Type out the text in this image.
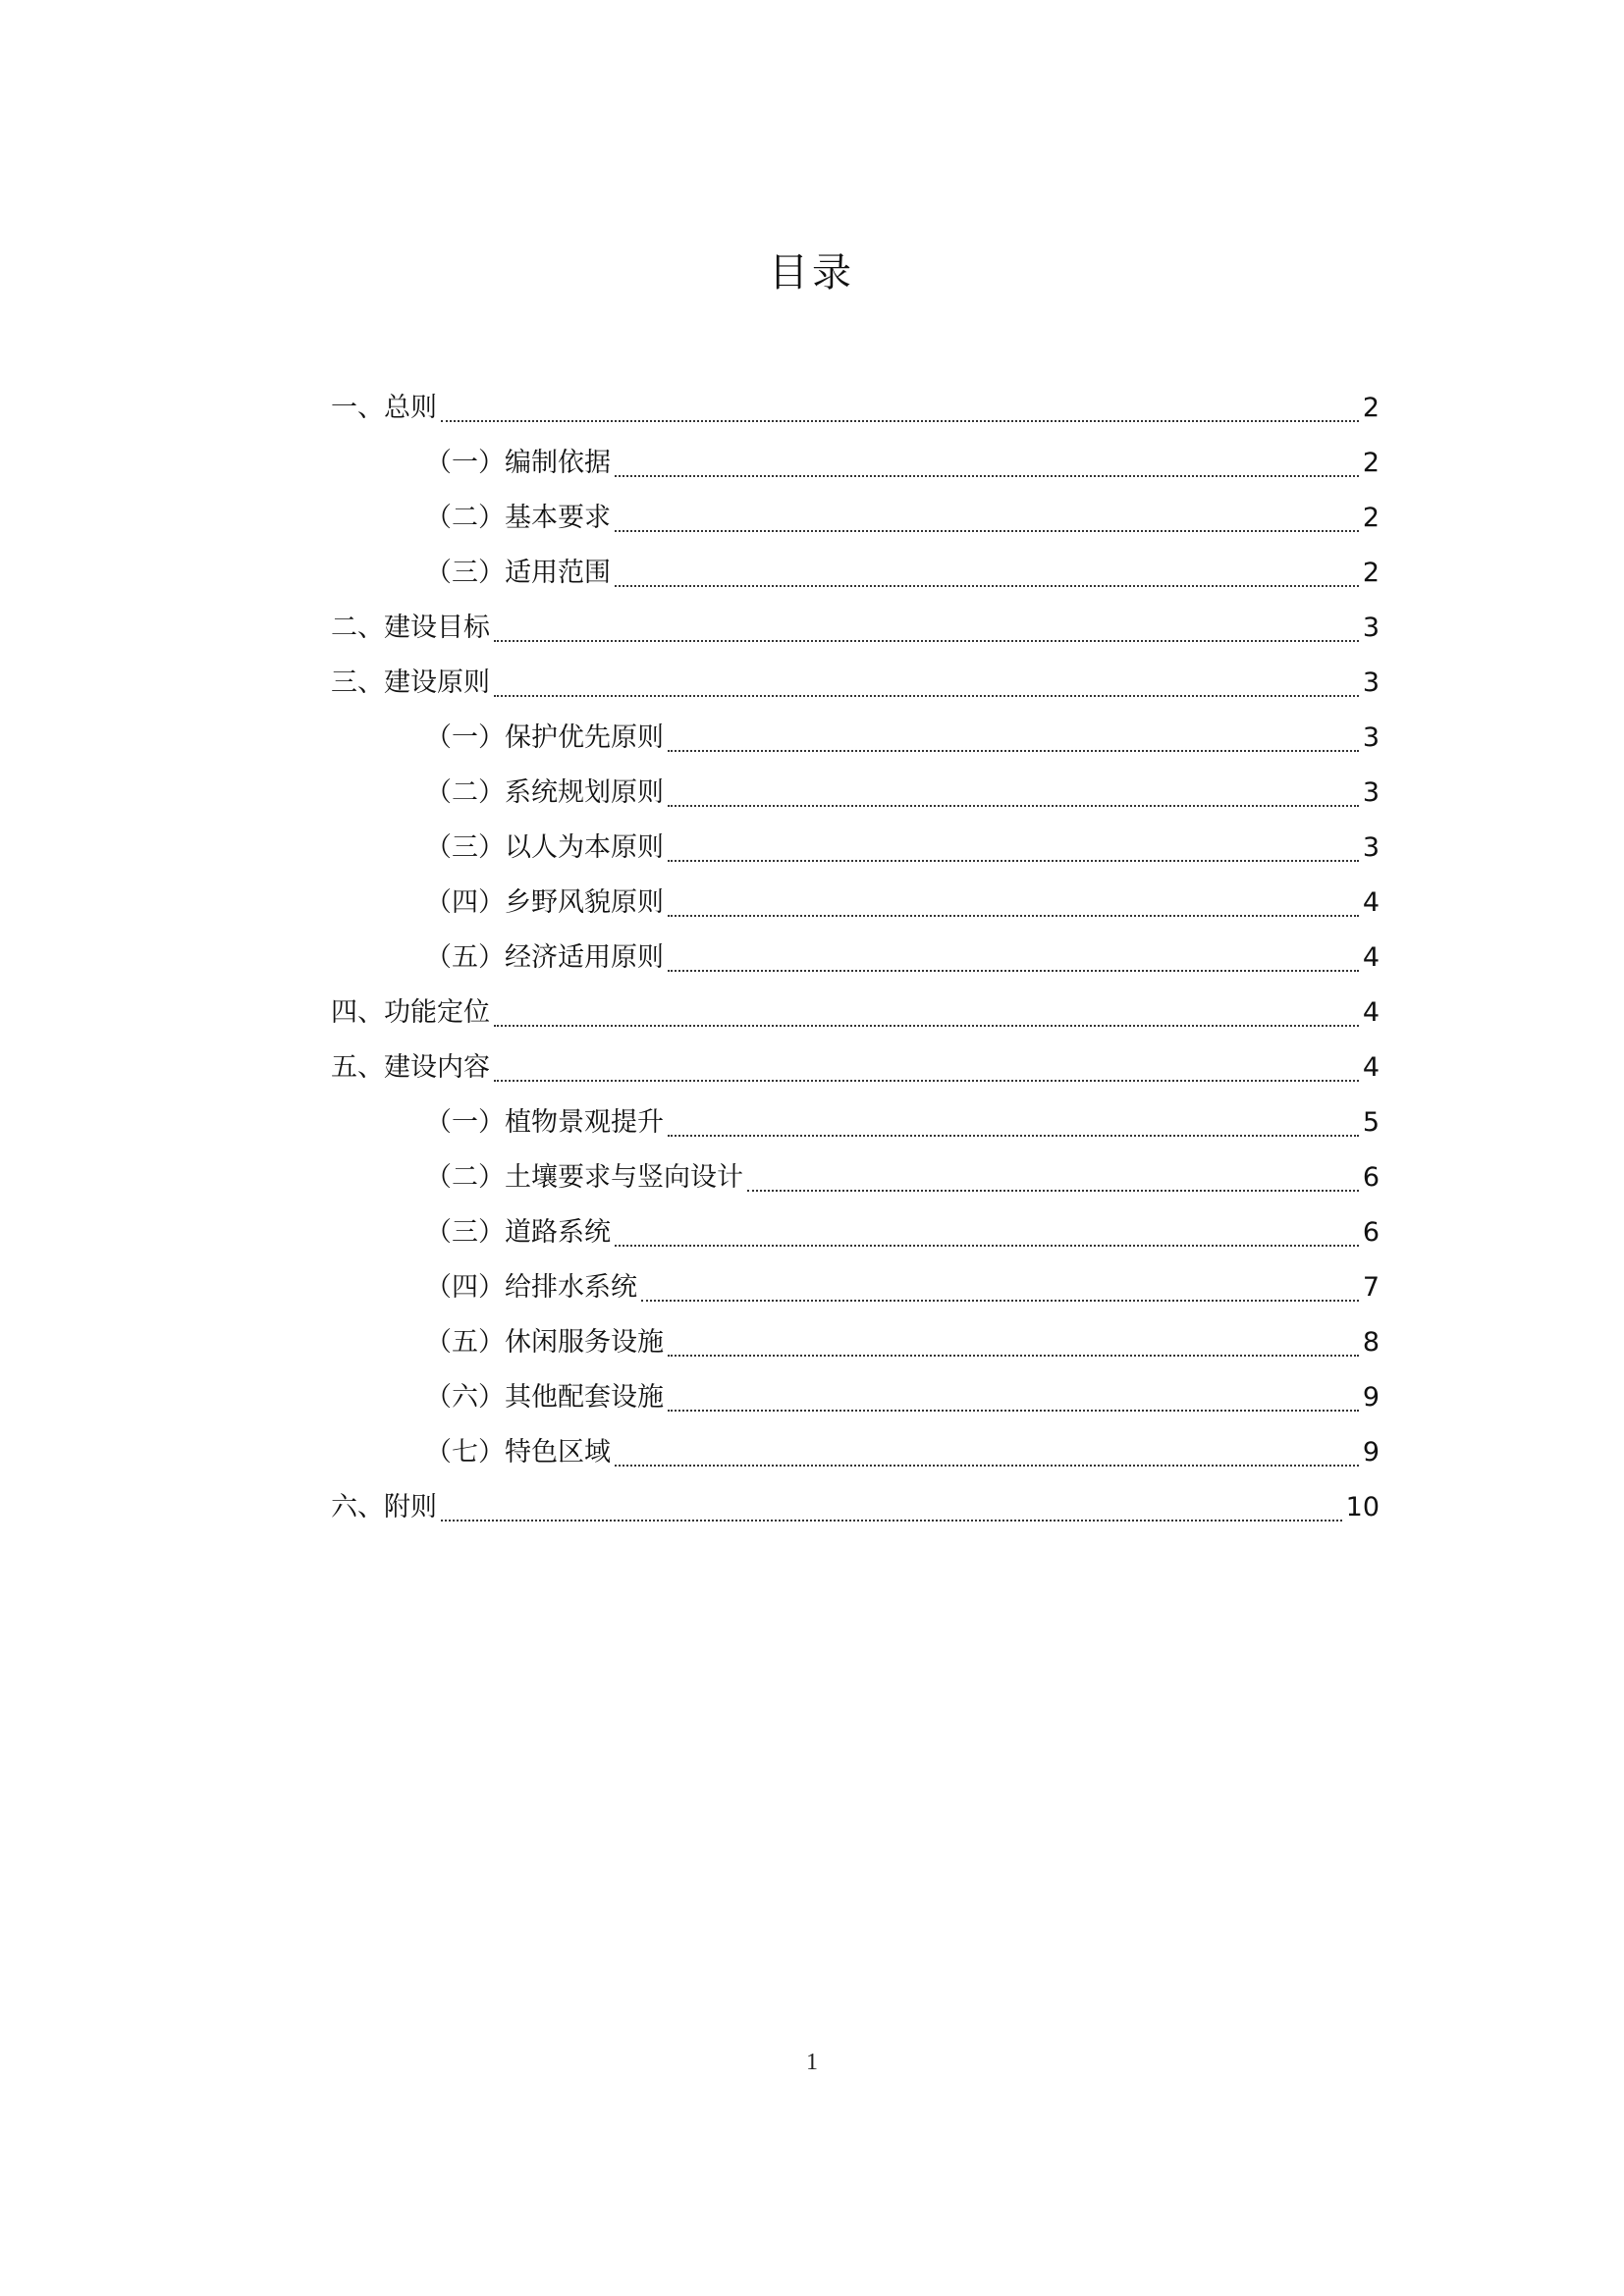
目录
一、总则	2
（一）编制依据	2
（二）基本要求	2
（三）适用范围	2
二、建设目标	3
三、建设原则	3
（一）保护优先原则	3
（二）系统规划原则	3
（三）以人为本原则	3
（四）乡野风貌原则	4
（五）经济适用原则	4
四、功能定位	4
五、建设内容	4
（一）植物景观提升	5
（二）土壤要求与竖向设计	6
（三）道路系统	6
（四）给排水系统	7
（五）休闲服务设施	8
（六）其他配套设施	9
（七）特色区域	9
六、附则	10
1
